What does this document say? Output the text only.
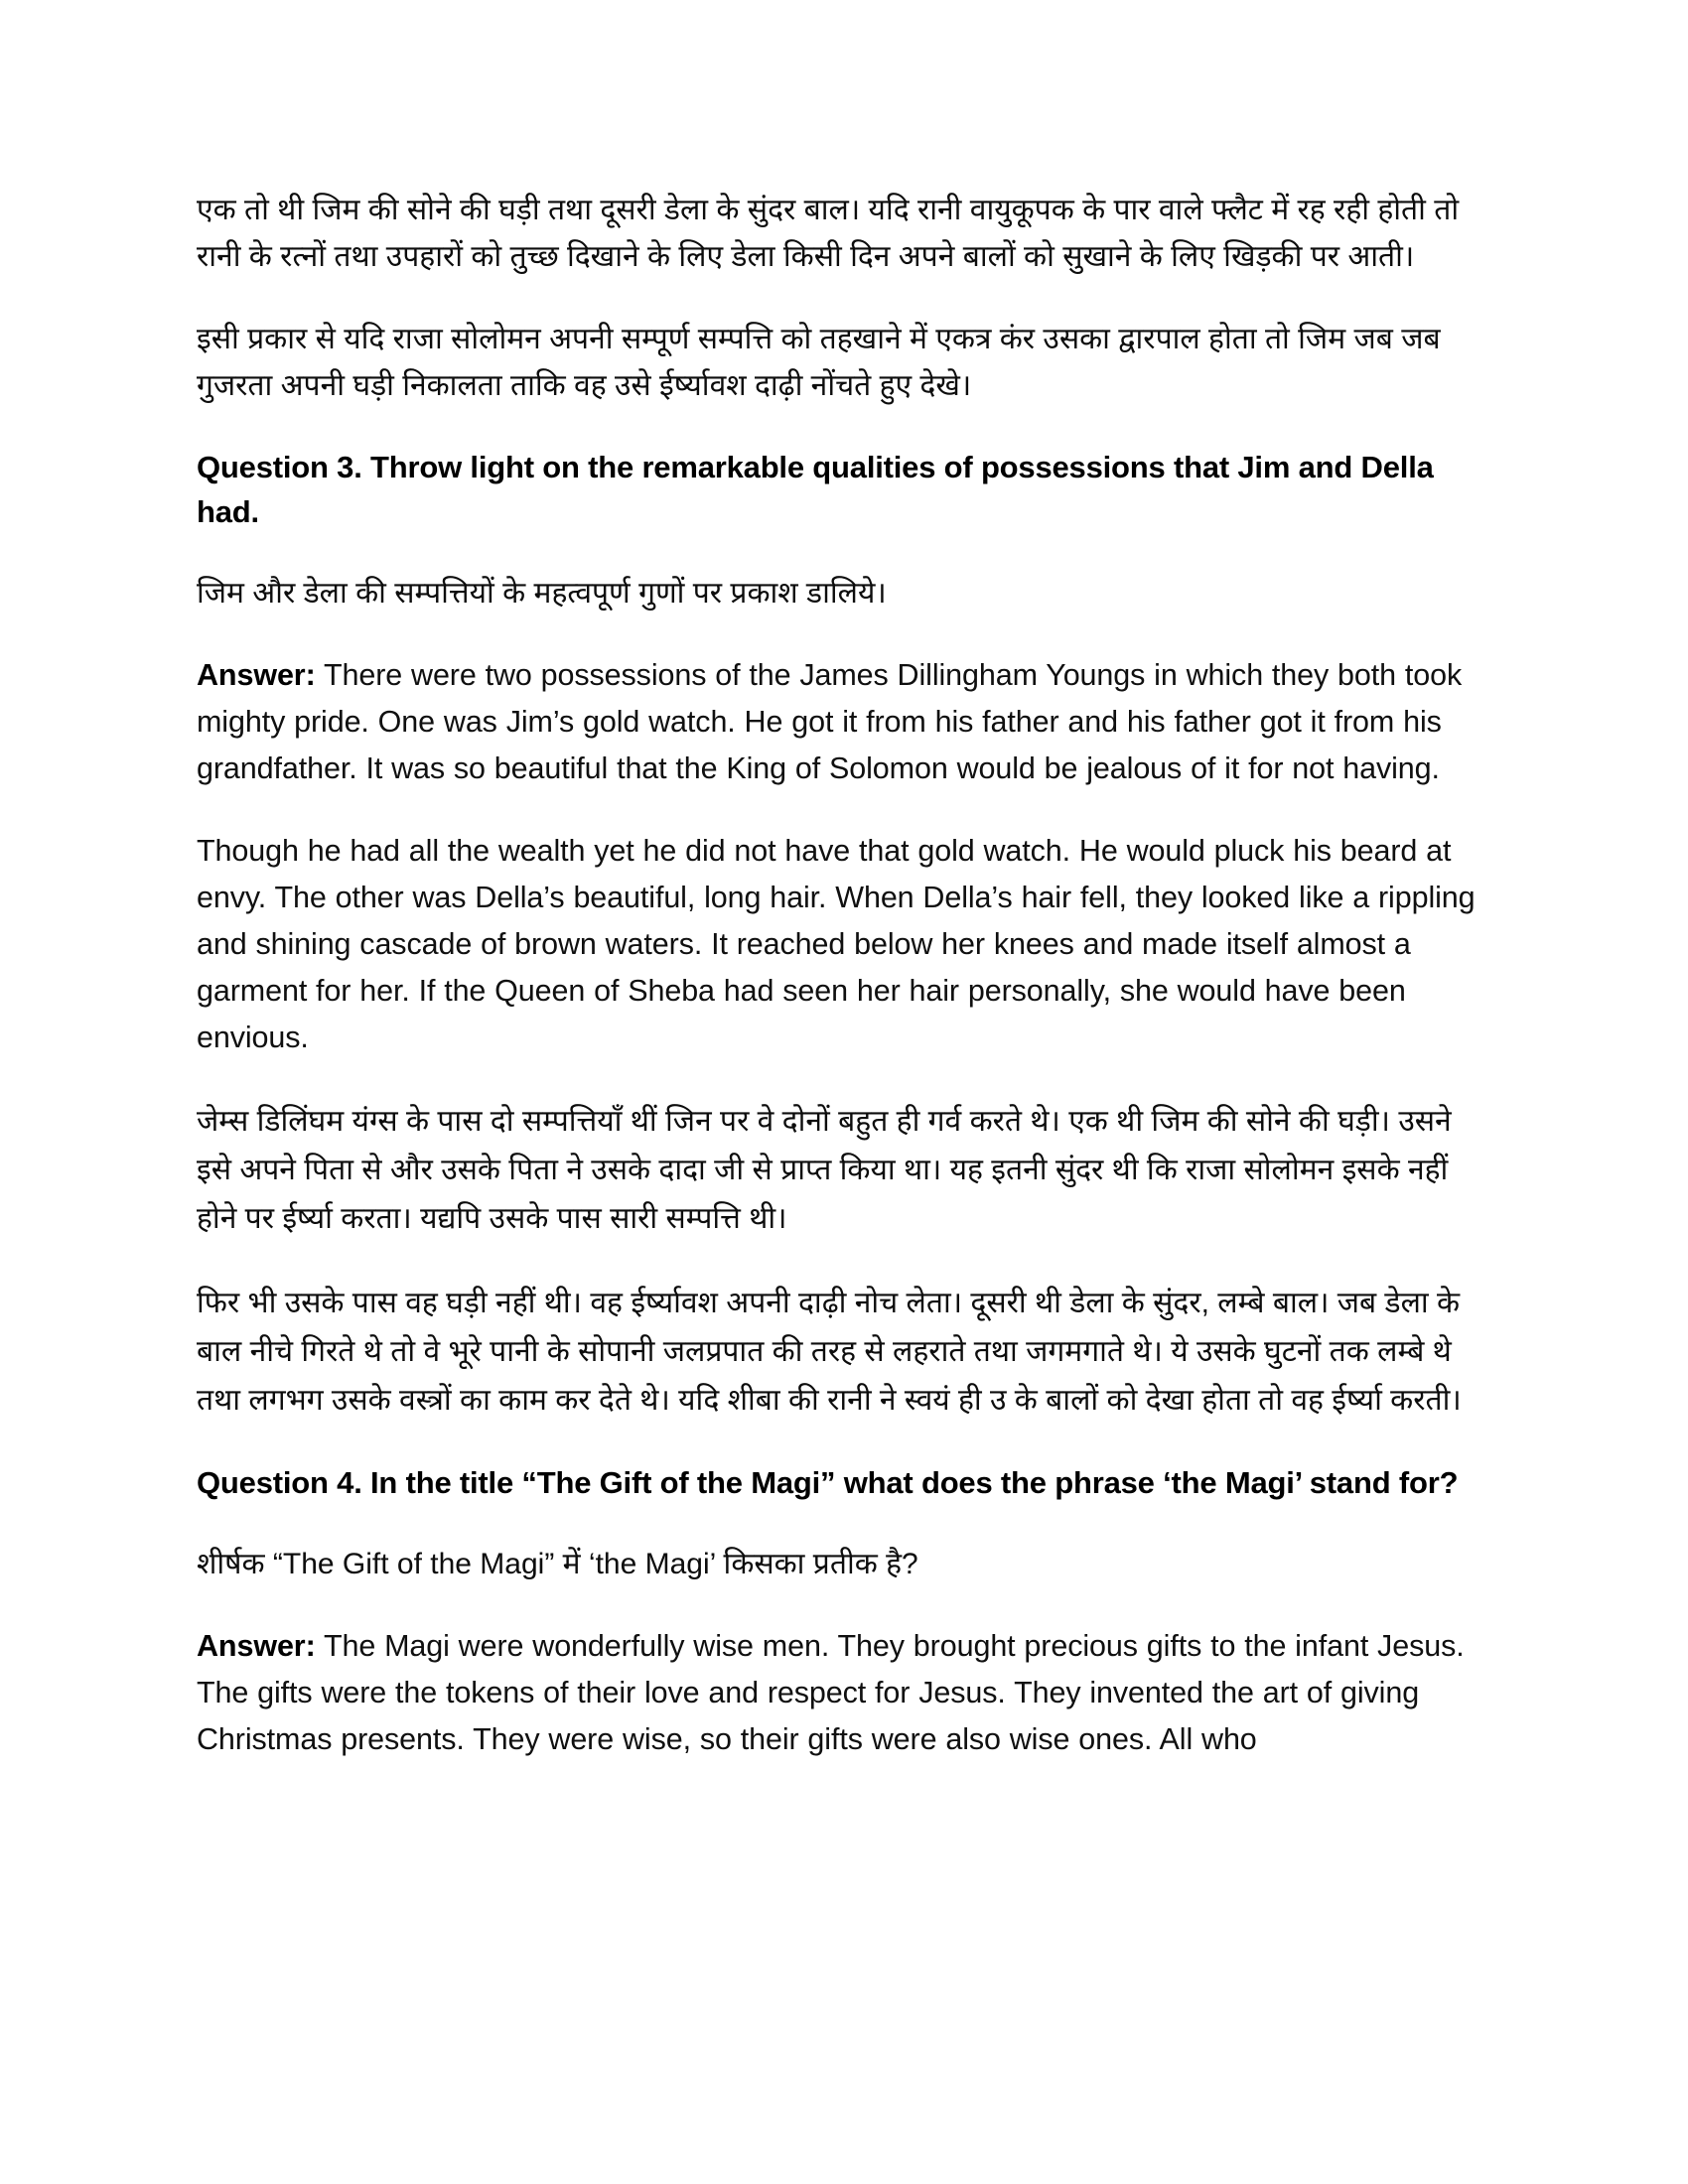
एक तो थी जिम की सोने की घड़ी तथा दूसरी डेला के सुंदर बाल। यदि रानी वायुकूपक के पार वाले फ्लैट में रह रही होती तो रानी के रत्नों तथा उपहारों को तुच्छ दिखाने के लिए डेला किसी दिन अपने बालों को सुखाने के लिए खिड़की पर आती।

इसी प्रकार से यदि राजा सोलोमन अपनी सम्पूर्ण सम्पत्ति को तहखाने में एकत्र कंर उसका द्वारपाल होता तो जिम जब जब गुजरता अपनी घड़ी निकालता ताकि वह उसे ईर्ष्यावश दाढ़ी नोंचते हुए देखे।

Question 3. Throw light on the remarkable qualities of possessions that Jim and Della had.

जिम और डेला की सम्पत्तियों के महत्वपूर्ण गुणों पर प्रकाश डालिये।

Answer: There were two possessions of the James Dillingham Youngs in which they both took mighty pride. One was Jim’s gold watch. He got it from his father and his father got it from his grandfather. It was so beautiful that the King of Solomon would be jealous of it for not having.

Though he had all the wealth yet he did not have that gold watch. He would pluck his beard at envy. The other was Della’s beautiful, long hair. When Della’s hair fell, they looked like a rippling and shining cascade of brown waters. It reached below her knees and made itself almost a garment for her. If the Queen of Sheba had seen her hair personally, she would have been envious.

जेम्स डिलिंघम यंग्स के पास दो सम्पत्तियाँ थीं जिन पर वे दोनों बहुत ही गर्व करते थे। एक थी जिम की सोने की घड़ी। उसने इसे अपने पिता से और उसके पिता ने उसके दादा जी से प्राप्त किया था। यह इतनी सुंदर थी कि राजा सोलोमन इसके नहीं होने पर ईर्ष्या करता। यद्यपि उसके पास सारी सम्पत्ति थी।

फिर भी उसके पास वह घड़ी नहीं थी। वह ईर्ष्यावश अपनी दाढ़ी नोच लेता। दूसरी थी डेला के सुंदर, लम्बे बाल। जब डेला के बाल नीचे गिरते थे तो वे भूरे पानी के सोपानी जलप्रपात की तरह से लहराते तथा जगमगाते थे। ये उसके घुटनों तक लम्बे थे तथा लगभग उसके वस्त्रों का काम कर देते थे। यदि शीबा की रानी ने स्वयं ही उ के बालों को देखा होता तो वह ईर्ष्या करती।

Question 4. In the title “The Gift of the Magi” what does the phrase ‘the Magi’ stand for?

शीर्षक “The Gift of the Magi” में ‘the Magi’ किसका प्रतीक है?

Answer: The Magi were wonderfully wise men. They brought precious gifts to the infant Jesus. The gifts were the tokens of their love and respect for Jesus. They invented the art of giving Christmas presents. They were wise, so their gifts were also wise ones. All who
